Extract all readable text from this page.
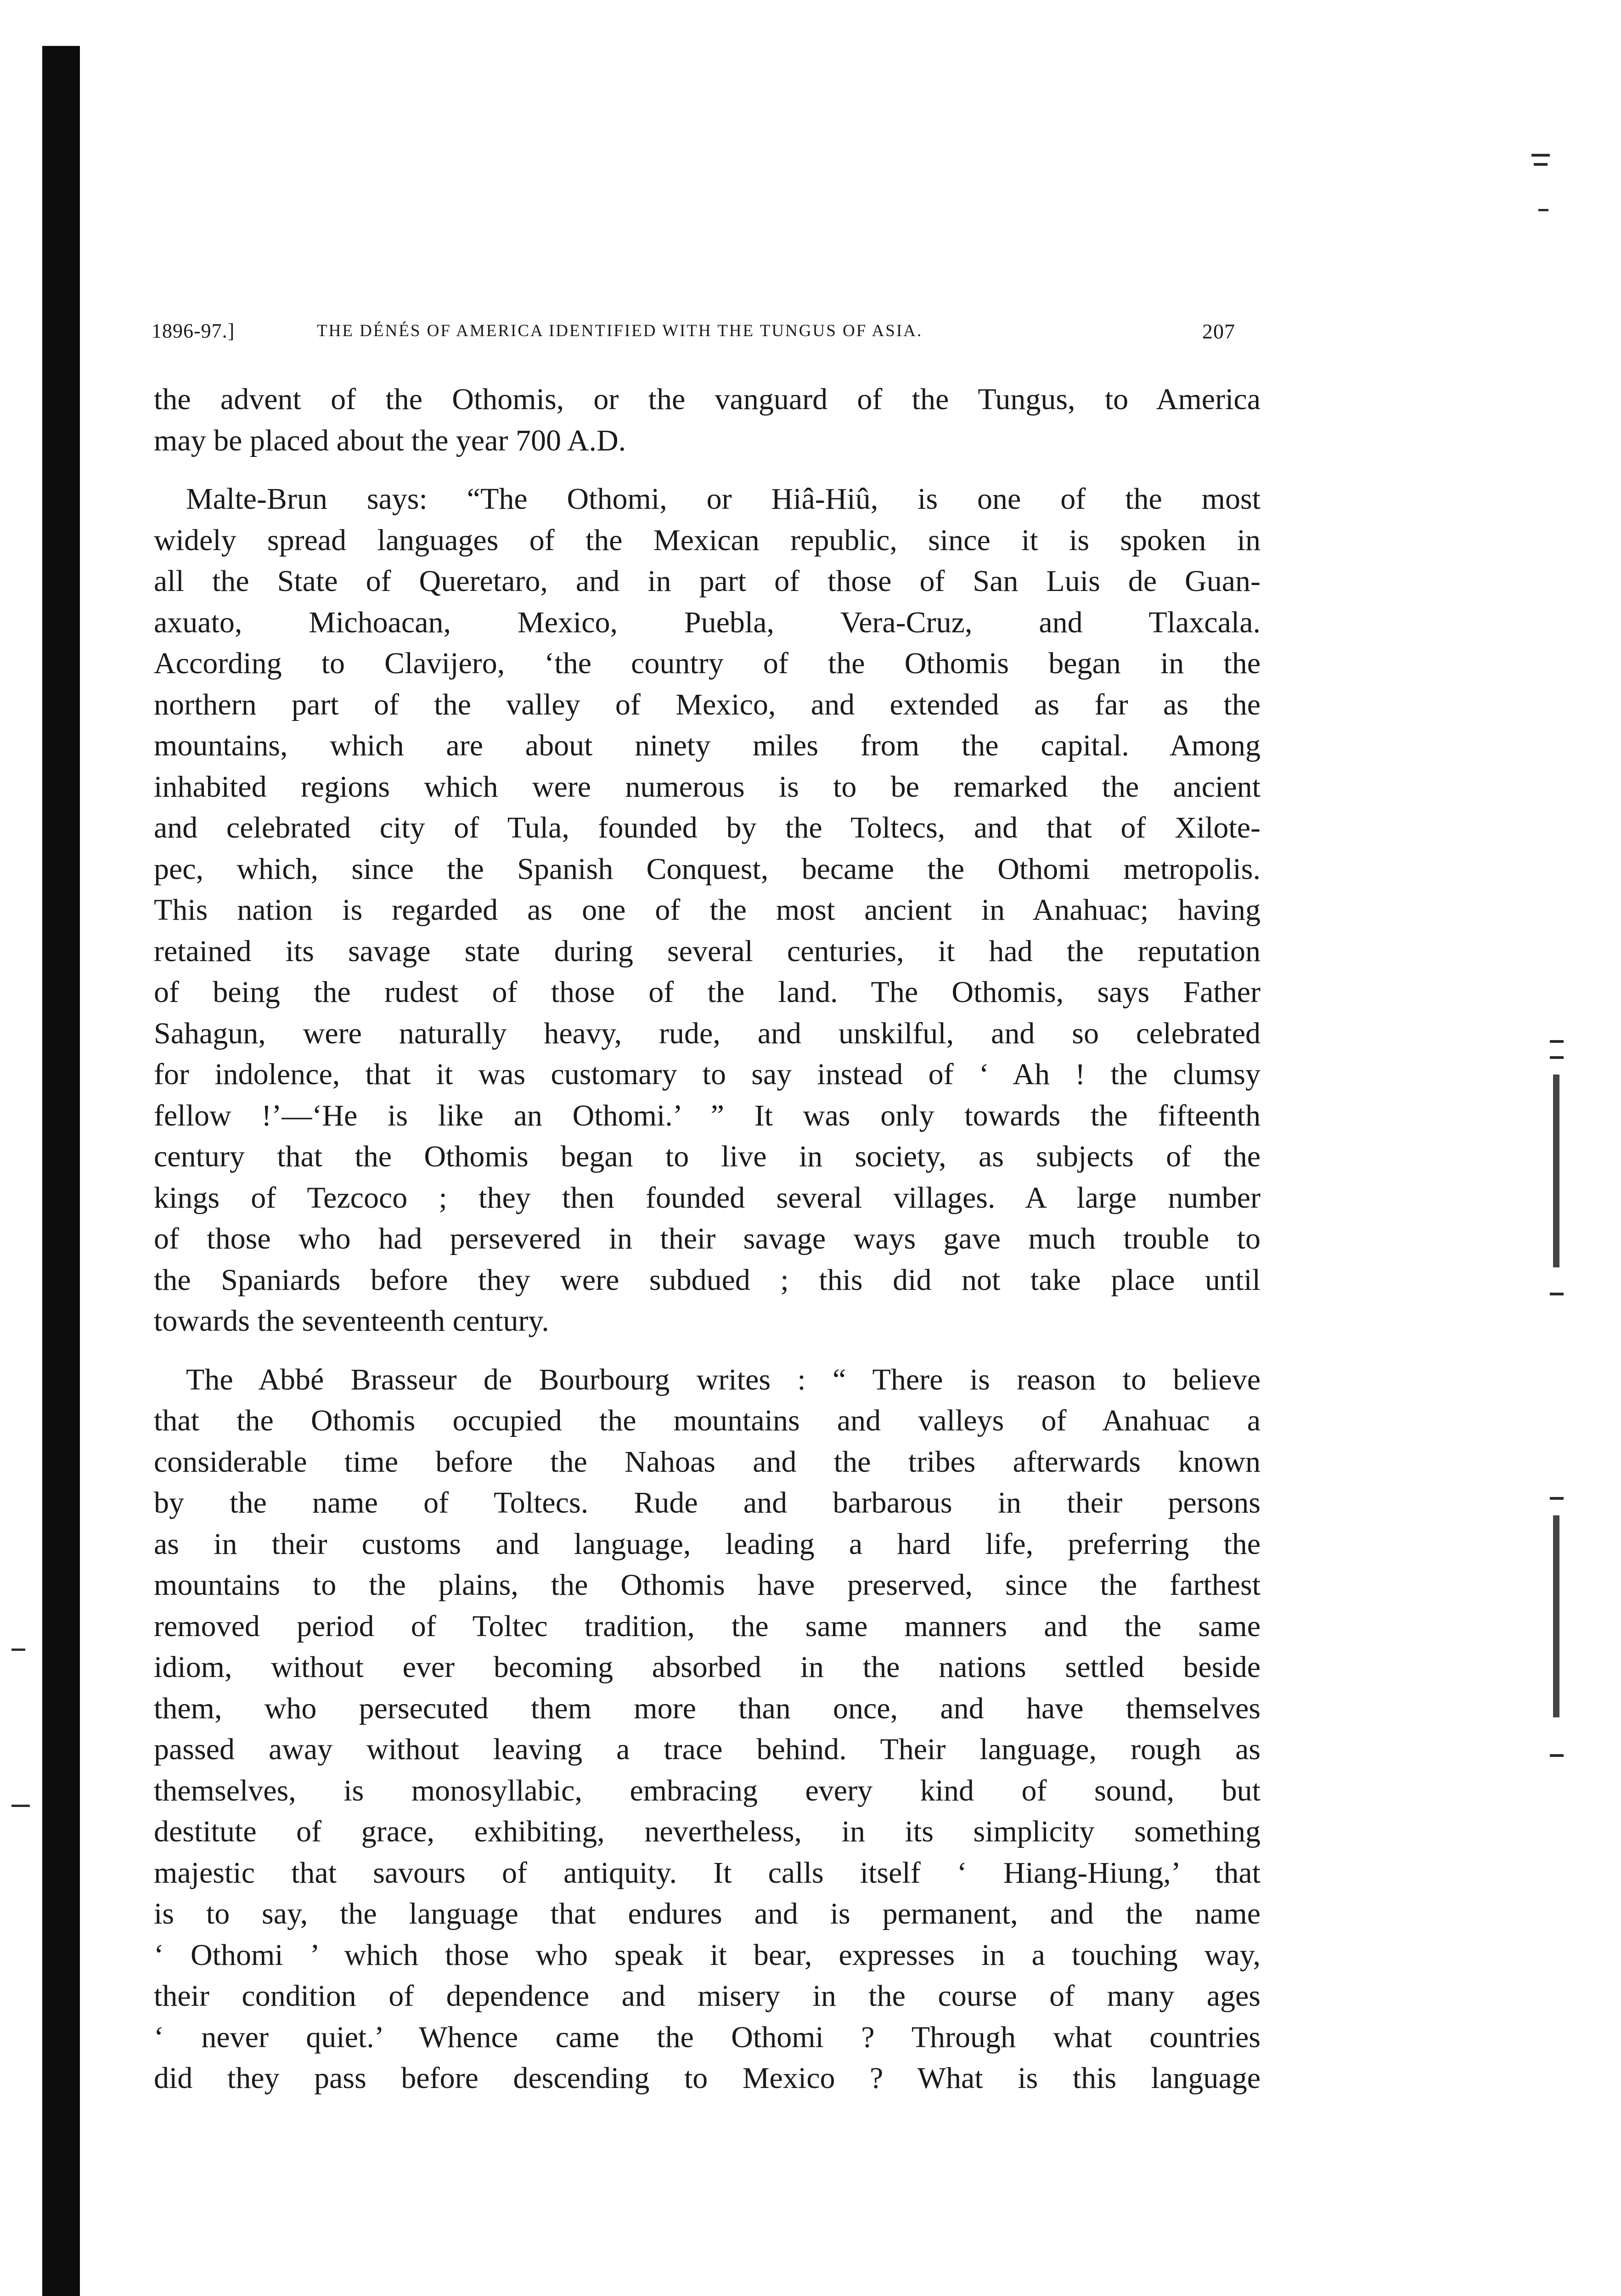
1896-97.]	THE DÉNÉS OF AMERICA IDENTIFIED WITH THE TUNGUS OF ASIA.	207
the advent of the Othomis, or the vanguard of the Tungus, to America
may be placed about the year 700 A.D.
Malte-Brun says: “The Othomi, or Hiâ-Hiû, is one of the most
widely spread languages of the Mexican republic, since it is spoken in
all the State of Queretaro, and in part of those of San Luis de Guan-
axuato, Michoacan, Mexico, Puebla, Vera-Cruz, and Tlaxcala.
According to Clavijero, ‘the country of the Othomis began in the
northern part of the valley of Mexico, and extended as far as the
mountains, which are about ninety miles from the capital. Among
inhabited regions which were numerous is to be remarked the ancient
and celebrated city of Tula, founded by the Toltecs, and that of Xilote-
pec, which, since the Spanish Conquest, became the Othomi metropolis.
This nation is regarded as one of the most ancient in Anahuac; having
retained its savage state during several centuries, it had the reputation
of being the rudest of those of the land. The Othomis, says Father
Sahagun, were naturally heavy, rude, and unskilful, and so celebrated
for indolence, that it was customary to say instead of ‘ Ah ! the clumsy
fellow !’—‘He is like an Othomi.’ ” It was only towards the fifteenth
century that the Othomis began to live in society, as subjects of the
kings of Tezcoco ; they then founded several villages. A large number
of those who had persevered in their savage ways gave much trouble to
the Spaniards before they were subdued ; this did not take place until
towards the seventeenth century.
The Abbé Brasseur de Bourbourg writes : “ There is reason to believe
that the Othomis occupied the mountains and valleys of Anahuac a
considerable time before the Nahoas and the tribes afterwards known
by the name of Toltecs. Rude and barbarous in their persons
as in their customs and language, leading a hard life, preferring the
mountains to the plains, the Othomis have preserved, since the farthest
removed period of Toltec tradition, the same manners and the same
idiom, without ever becoming absorbed in the nations settled beside
them, who persecuted them more than once, and have themselves
passed away without leaving a trace behind. Their language, rough as
themselves, is monosyllabic, embracing every kind of sound, but
destitute of grace, exhibiting, nevertheless, in its simplicity something
majestic that savours of antiquity. It calls itself ‘ Hiang-Hiung,’ that
is to say, the language that endures and is permanent, and the name
‘ Othomi ’ which those who speak it bear, expresses in a touching way,
their condition of dependence and misery in the course of many ages
‘ never quiet.’ Whence came the Othomi ? Through what countries
did they pass before descending to Mexico ? What is this language
